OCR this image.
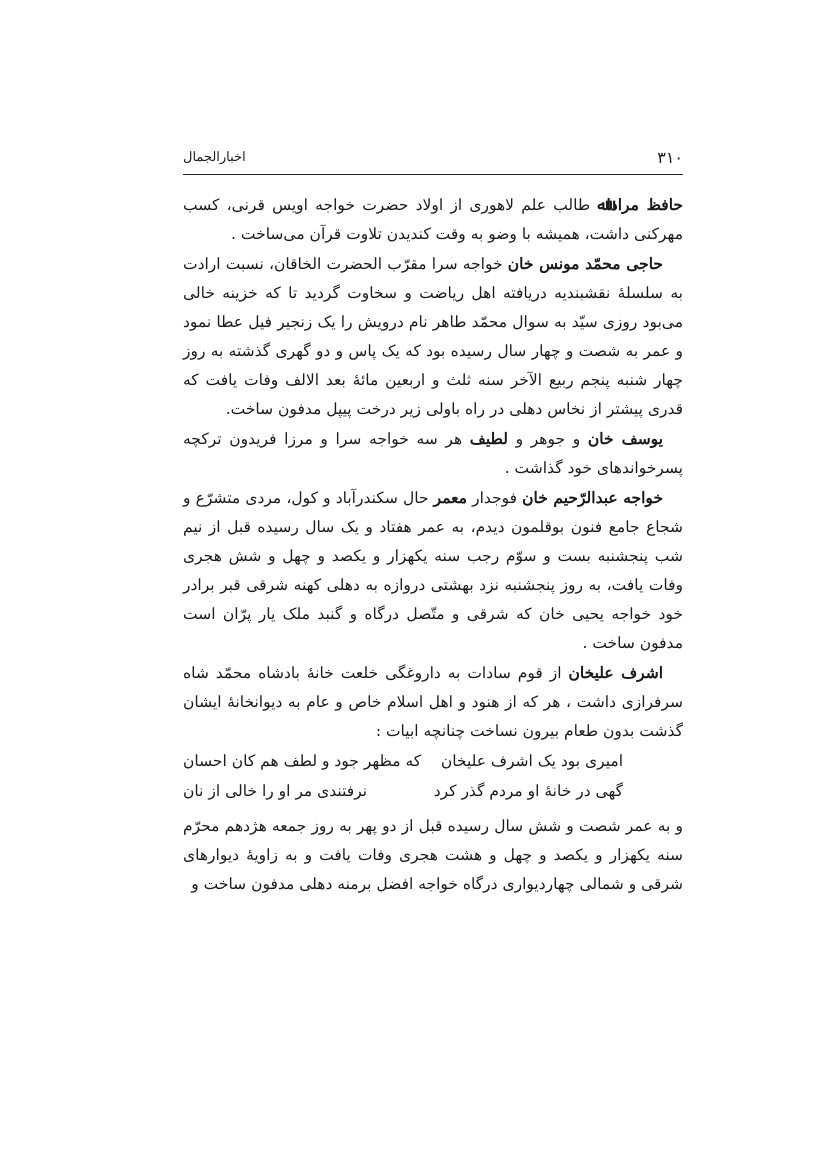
۳۱۰
اخبارالجمال

حافظ مراداﷲ طالب علم لاهوری از اولاد حضرت خواجه اویس قرنی، کسب مهرکنی داشت، همیشه با وضو به وقت کندیدن تلاوت قرآن می‌ساخت .

حاجی محمّد مونس خان خواجه سرا مقرّب الحضرت الخاقان، نسبت ارادت به سلسلهٔ نقشبندیه دریافته اهل ریاضت و سخاوت گردید تا که خزینه خالی می‌بود روزی سیّد به سوال محمّد طاهر نام درویش را یک زنجیر فیل عطا نمود و عمر به شصت و چهار سال رسیده بود که یک پاس و دو گهری گذشته به روز چهار شنبه پنجم ربیع الآخر سنه ثلث و اربعین مائهٔ بعد الالف وفات یافت که قدری پیشتر از نخاس دهلی در راه باولی زیر درخت پیپل مدفون ساخت.

یوسف خان و جوهر و لطیف هر سه خواجه سرا و مرزا فریدون ترکچه پسرخواندهای خود گذاشت .

خواجه عبدالرّحیم خان فوجدار معمر حال سکندرآباد و کول، مردی متشرّع و شجاع جامع فنون بوقلمون دیدم، به عمر هفتاد و یک سال رسیده قبل از نیم شب پنجشنبه بست و سوّم رجب سنه یکهزار و یکصد و چهل و شش هجری وفات یافت، به روز پنجشنبه نزد بهشتی دروازه به دهلی کهنه شرقی قبر برادر خود خواجه یحیی خان که شرقی و متّصل درگاه و گنبد ملک یار پرّان است مدفون ساخت .

اشرف علیخان از قوم سادات به داروغگی خلعت خانهٔ بادشاه محمّد شاه سرفرازی داشت ، هر که از هنود و اهل اسلام خاص و عام به دیوانخانهٔ ایشان گذشت بدون طعام بیرون نساخت چنانچه ابیات :

امیری بود یک اشرف علیخان
که مظهر جود و لطف هم کان احسان
گهی در خانهٔ او مردم گذر کرد
نرفتندی مر او را خالی از نان

و به عمر شصت و شش سال رسیده قبل از دو پهر به روز جمعه هژدهم محرّم سنه یکهزار و یکصد و چهل و هشت هجری وفات یافت و به زاویهٔ دیوارهای شرقی و شمالی چهاردیواری درگاه خواجه افضل برمنه دهلی مدفون ساخت و
